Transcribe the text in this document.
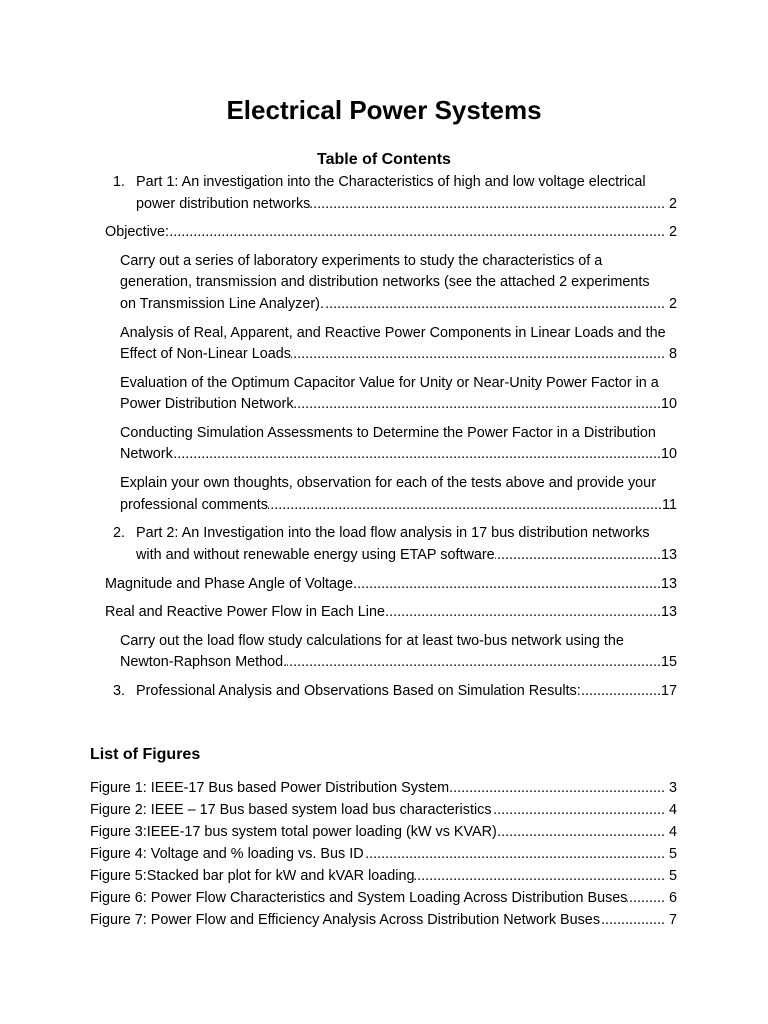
Electrical Power Systems
Table of Contents
1. Part 1: An investigation into the Characteristics of high and low voltage electrical
power distribution networks .....	2
Objective: .....	2
Carry out a series of laboratory experiments to study the characteristics of a
generation, transmission and distribution networks (see the attached 2 experiments
on Transmission Line Analyzer). .....	2
Analysis of Real, Apparent, and Reactive Power Components in Linear Loads and the
Effect of Non-Linear Loads .....	8
Evaluation of the Optimum Capacitor Value for Unity or Near-Unity Power Factor in a
Power Distribution Network .....	10
Conducting Simulation Assessments to Determine the Power Factor in a Distribution
Network .....	10
Explain your own thoughts, observation for each of the tests above and provide your
professional comments .....	11
2. Part 2: An Investigation into the load flow analysis in 17 bus distribution networks
with and without renewable energy using ETAP software .....	13
Magnitude and Phase Angle of Voltage .....	13
Real and Reactive Power Flow in Each Line .....	13
Carry out the load flow study calculations for at least two-bus network using the
Newton-Raphson Method. .....	15
3. Professional Analysis and Observations Based on Simulation Results: .....	17
List of Figures
Figure 1: IEEE-17 Bus based Power Distribution System .....	3
Figure 2: IEEE – 17 Bus based system load bus characteristics .....	4
Figure 3:IEEE-17 bus system total power loading (kW vs KVAR) .....	4
Figure 4: Voltage and % loading vs. Bus ID .....	5
Figure 5:Stacked bar plot for kW and kVAR loading .....	5
Figure 6: Power Flow Characteristics and System Loading Across Distribution Buses .....	6
Figure 7: Power Flow and Efficiency Analysis Across Distribution Network Buses .....	7
